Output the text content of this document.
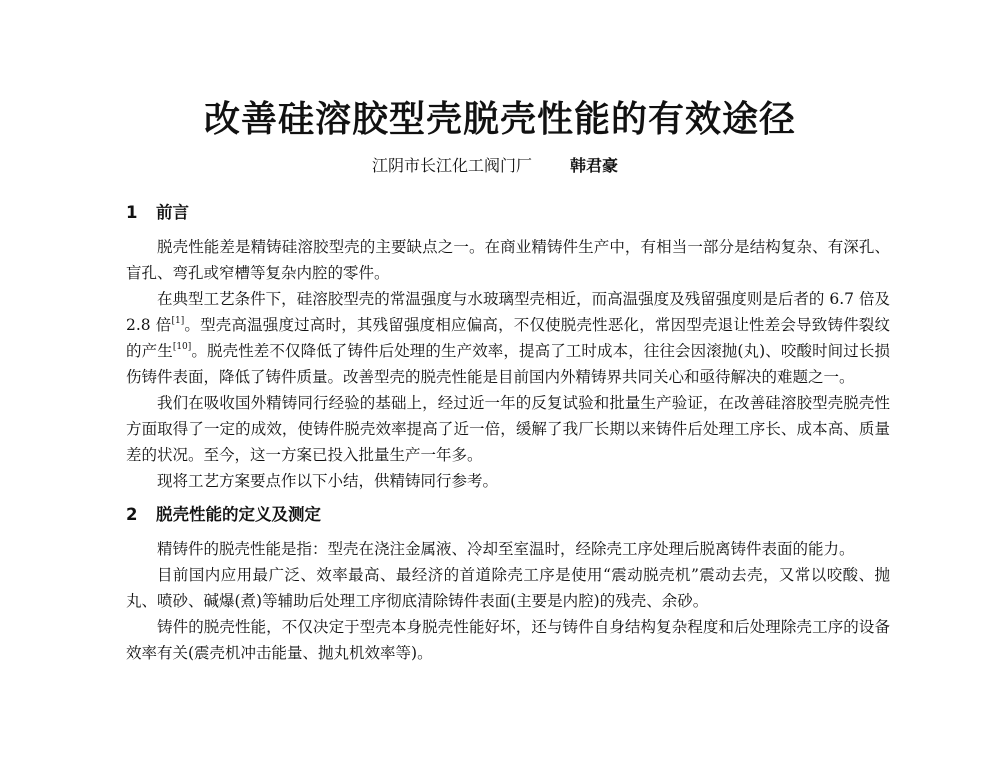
改善硅溶胶型壳脱壳性能的有效途径
江阴市长江化工阀门厂 韩君豪
1 前言

脱壳性能差是精铸硅溶胶型壳的主要缺点之一。在商业精铸件生产中，有相当一部分是结构复杂、有深孔、盲孔、弯孔或窄槽等复杂内腔的零件。

在典型工艺条件下，硅溶胶型壳的常温强度与水玻璃型壳相近，而高温强度及残留强度则是后者的 6.7 倍及 2.8 倍[1]。型壳高温强度过高时，其残留强度相应偏高，不仅使脱壳性恶化，常因型壳退让性差会导致铸件裂纹的产生[10]。脱壳性差不仅降低了铸件后处理的生产效率，提高了工时成本，往往会因滚抛(丸)、咬酸时间过长损伤铸件表面，降低了铸件质量。改善型壳的脱壳性能是目前国内外精铸界共同关心和亟待解决的难题之一。

我们在吸收国外精铸同行经验的基础上，经过近一年的反复试验和批量生产验证，在改善硅溶胶型壳脱壳性方面取得了一定的成效，使铸件脱壳效率提高了近一倍，缓解了我厂长期以来铸件后处理工序长、成本高、质量差的状况。至今，这一方案已投入批量生产一年多。

现将工艺方案要点作以下小结，供精铸同行参考。

2 脱壳性能的定义及测定

精铸件的脱壳性能是指：型壳在浇注金属液、冷却至室温时，经除壳工序处理后脱离铸件表面的能力。

目前国内应用最广泛、效率最高、最经济的首道除壳工序是使用“震动脱壳机”震动去壳，又常以咬酸、抛丸、喷砂、碱爆(煮)等辅助后处理工序彻底清除铸件表面(主要是内腔)的残壳、余砂。

铸件的脱壳性能，不仅决定于型壳本身脱壳性能好坏，还与铸件自身结构复杂程度和后处理除壳工序的设备效率有关(震壳机冲击能量、抛丸机效率等)。
